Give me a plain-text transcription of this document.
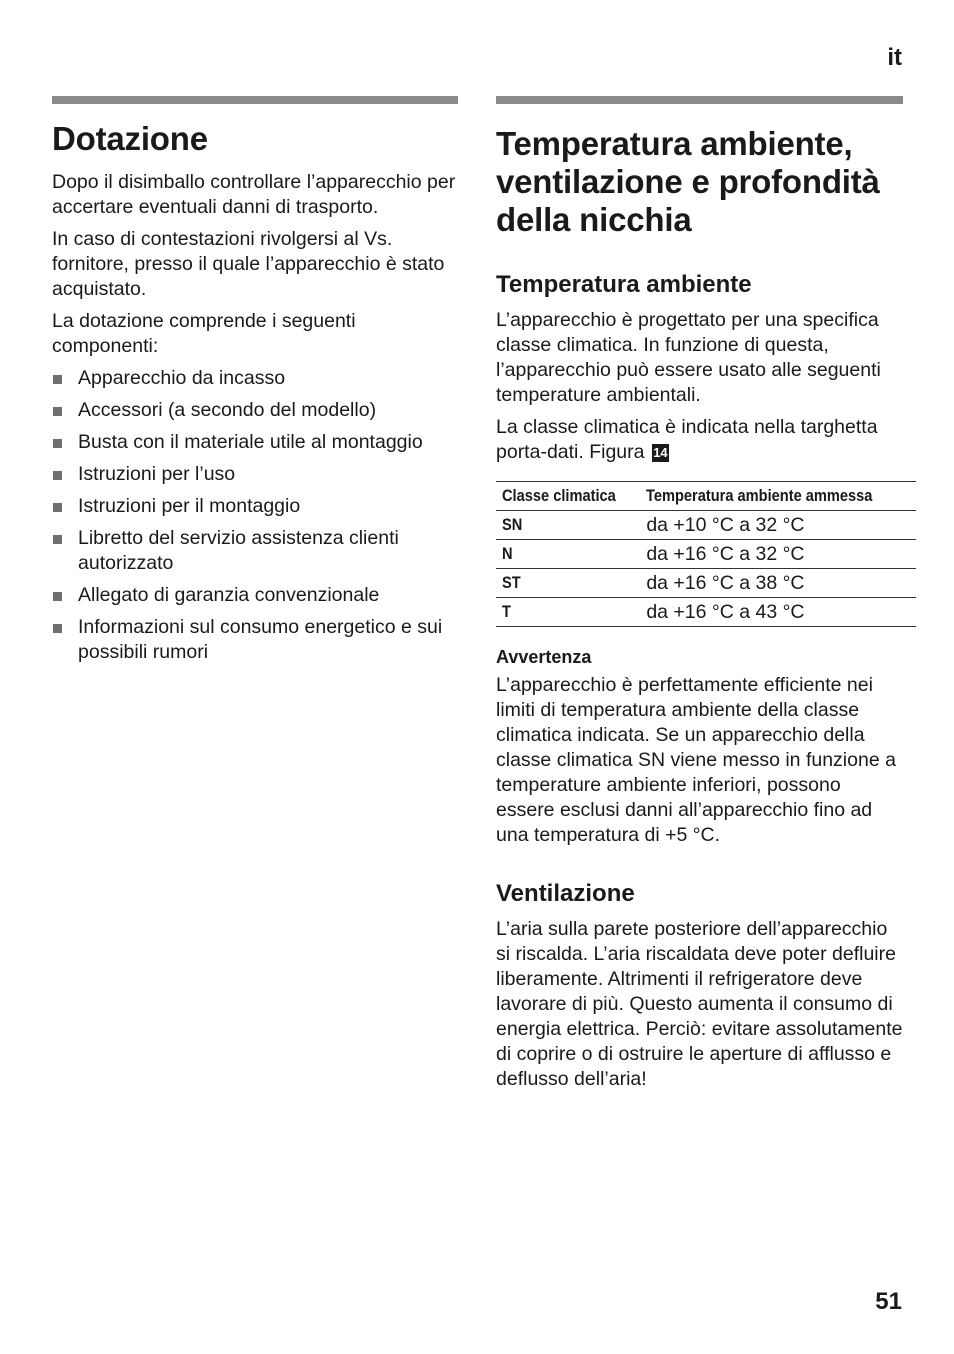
it
Dotazione

Dopo il disimballo controllare l’apparecchio per accertare eventuali danni di trasporto.

In caso di contestazioni rivolgersi al Vs. fornitore, presso il quale l’apparecchio è stato acquistato.

La dotazione comprende i seguenti componenti:

Apparecchio da incasso
Accessori (a secondo del modello)
Busta con il materiale utile al montaggio
Istruzioni per l’uso
Istruzioni per il montaggio
Libretto del servizio assistenza clienti autorizzato
Allegato di garanzia convenzionale
Informazioni sul consumo energetico e sui possibili rumori
Temperatura ambiente, ventilazione e profondità della nicchia
Temperatura ambiente

L’apparecchio è progettato per una specifica classe climatica. In funzione di questa, l’apparecchio può essere usato alle seguenti temperature ambientali.

La classe climatica è indicata nella targhetta porta-dati. Figura 14

Classe climatica	Temperatura ambiente ammessa
SN	da +10 °C a 32 °C
N	da +16 °C a 32 °C
ST	da +16 °C a 38 °C
T	da +16 °C a 43 °C
Avvertenza

L’apparecchio è perfettamente efficiente nei limiti di temperatura ambiente della classe climatica indicata. Se un apparecchio della classe climatica SN viene messo in funzione a temperature ambiente inferiori, possono essere esclusi danni all’apparecchio fino ad una temperatura di +5 °C.

Ventilazione

L’aria sulla parete posteriore dell’apparecchio si riscalda. L’aria riscaldata deve poter defluire liberamente. Altrimenti il refrigeratore deve lavorare di più. Questo aumenta il consumo di energia elettrica. Perciò: evitare assolutamente di coprire o di ostruire le aperture di afflusso e deflusso dell’aria!

51
